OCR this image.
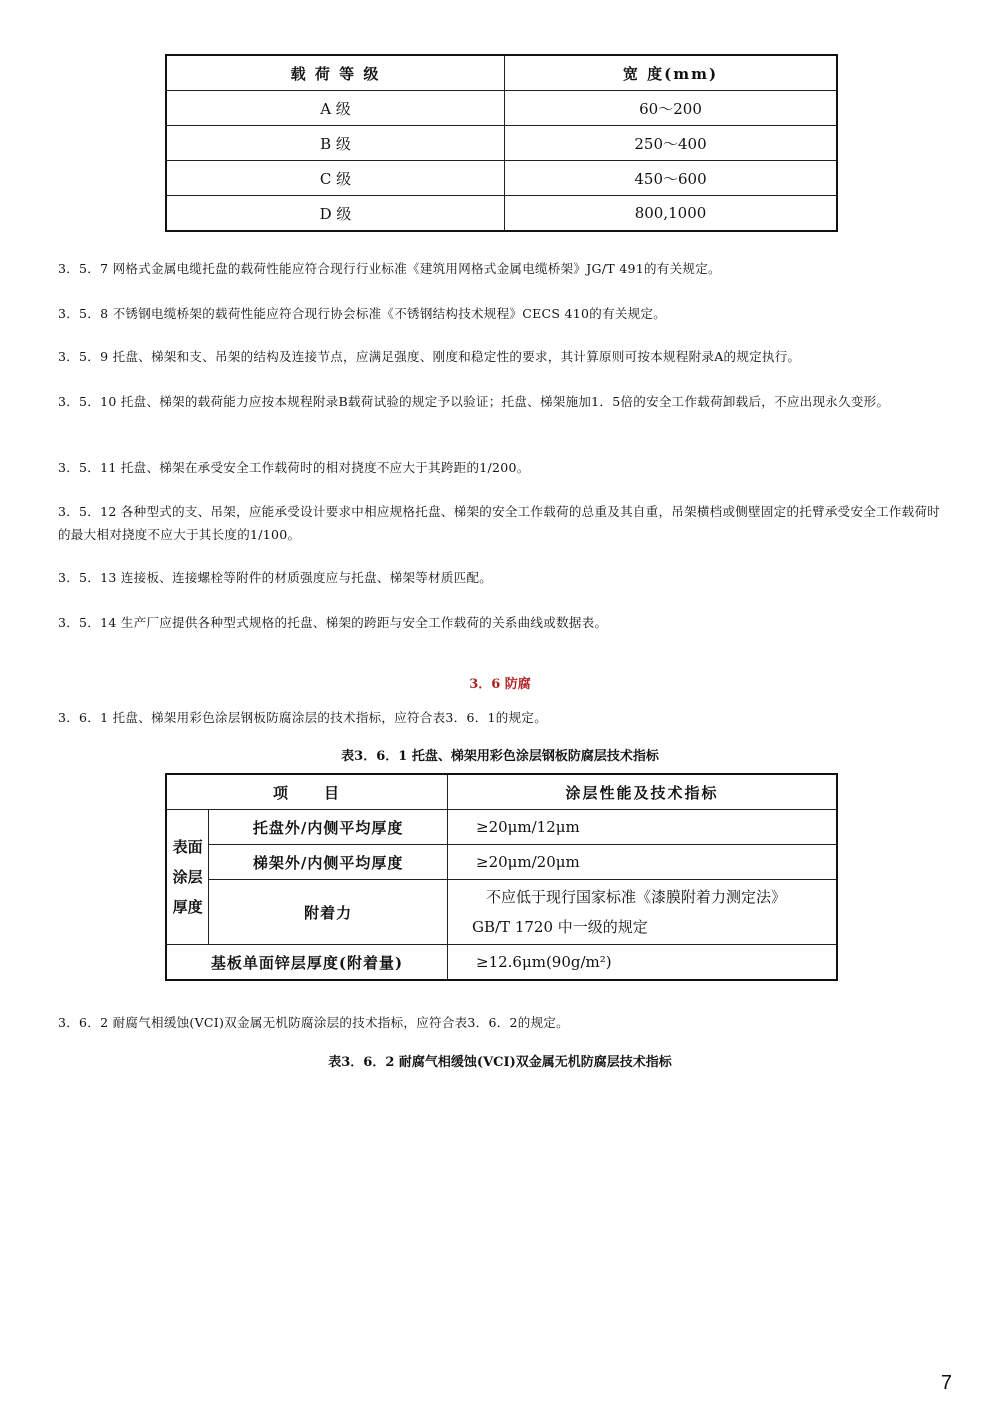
载 荷 等 级	宽 度(mm)
A 级	60～200
B 级	250～400
C 级	450～600
D 级	800,1000
3．5．7 网格式金属电缆托盘的载荷性能应符合现行行业标准《建筑用网格式金属电缆桥架》JG/T 491的有关规定。
3．5．8 不锈钢电缆桥架的载荷性能应符合现行协会标准《不锈钢结构技术规程》CECS 410的有关规定。
3．5．9 托盘、梯架和支、吊架的结构及连接节点，应满足强度、刚度和稳定性的要求，其计算原则可按本规程附录A的规定执行。
3．5．10 托盘、梯架的载荷能力应按本规程附录B载荷试验的规定予以验证；托盘、梯架施加1．5倍的安全工作载荷卸载后，不应出现永久变形。
3．5．11 托盘、梯架在承受安全工作载荷时的相对挠度不应大于其跨距的1/200。
3．5．12 各种型式的支、吊架，应能承受设计要求中相应规格托盘、梯架的安全工作载荷的总重及其自重，吊架横档或侧壁固定的托臂承受安全工作载荷时的最大相对挠度不应大于其长度的1/100。
3．5．13 连接板、连接螺栓等附件的材质强度应与托盘、梯架等材质匹配。
3．5．14 生产厂应提供各种型式规格的托盘、梯架的跨距与安全工作载荷的关系曲线或数据表。
3．6 防腐
3．6．1 托盘、梯架用彩色涂层钢板防腐涂层的技术指标，应符合表3．6．1的规定。
表3．6．1 托盘、梯架用彩色涂层钢板防腐层技术指标
项　　目		涂层性能及技术指标

表面
涂层
厚度	托盘外/内侧平均厚度	≥20μm/12μm
	梯架外/内侧平均厚度	≥20μm/20μm
	附着力	不应低于现行国家标准《漆膜附着力测定法》
GB/T 1720 中一级的规定

基板单面锌层厚度(附着量)		≥12.6μm(90g/m²)
3．6．2 耐腐气相缓蚀(VCI)双金属无机防腐涂层的技术指标，应符合表3．6．2的规定。
表3．6．2 耐腐气相缓蚀(VCI)双金属无机防腐层技术指标
7
